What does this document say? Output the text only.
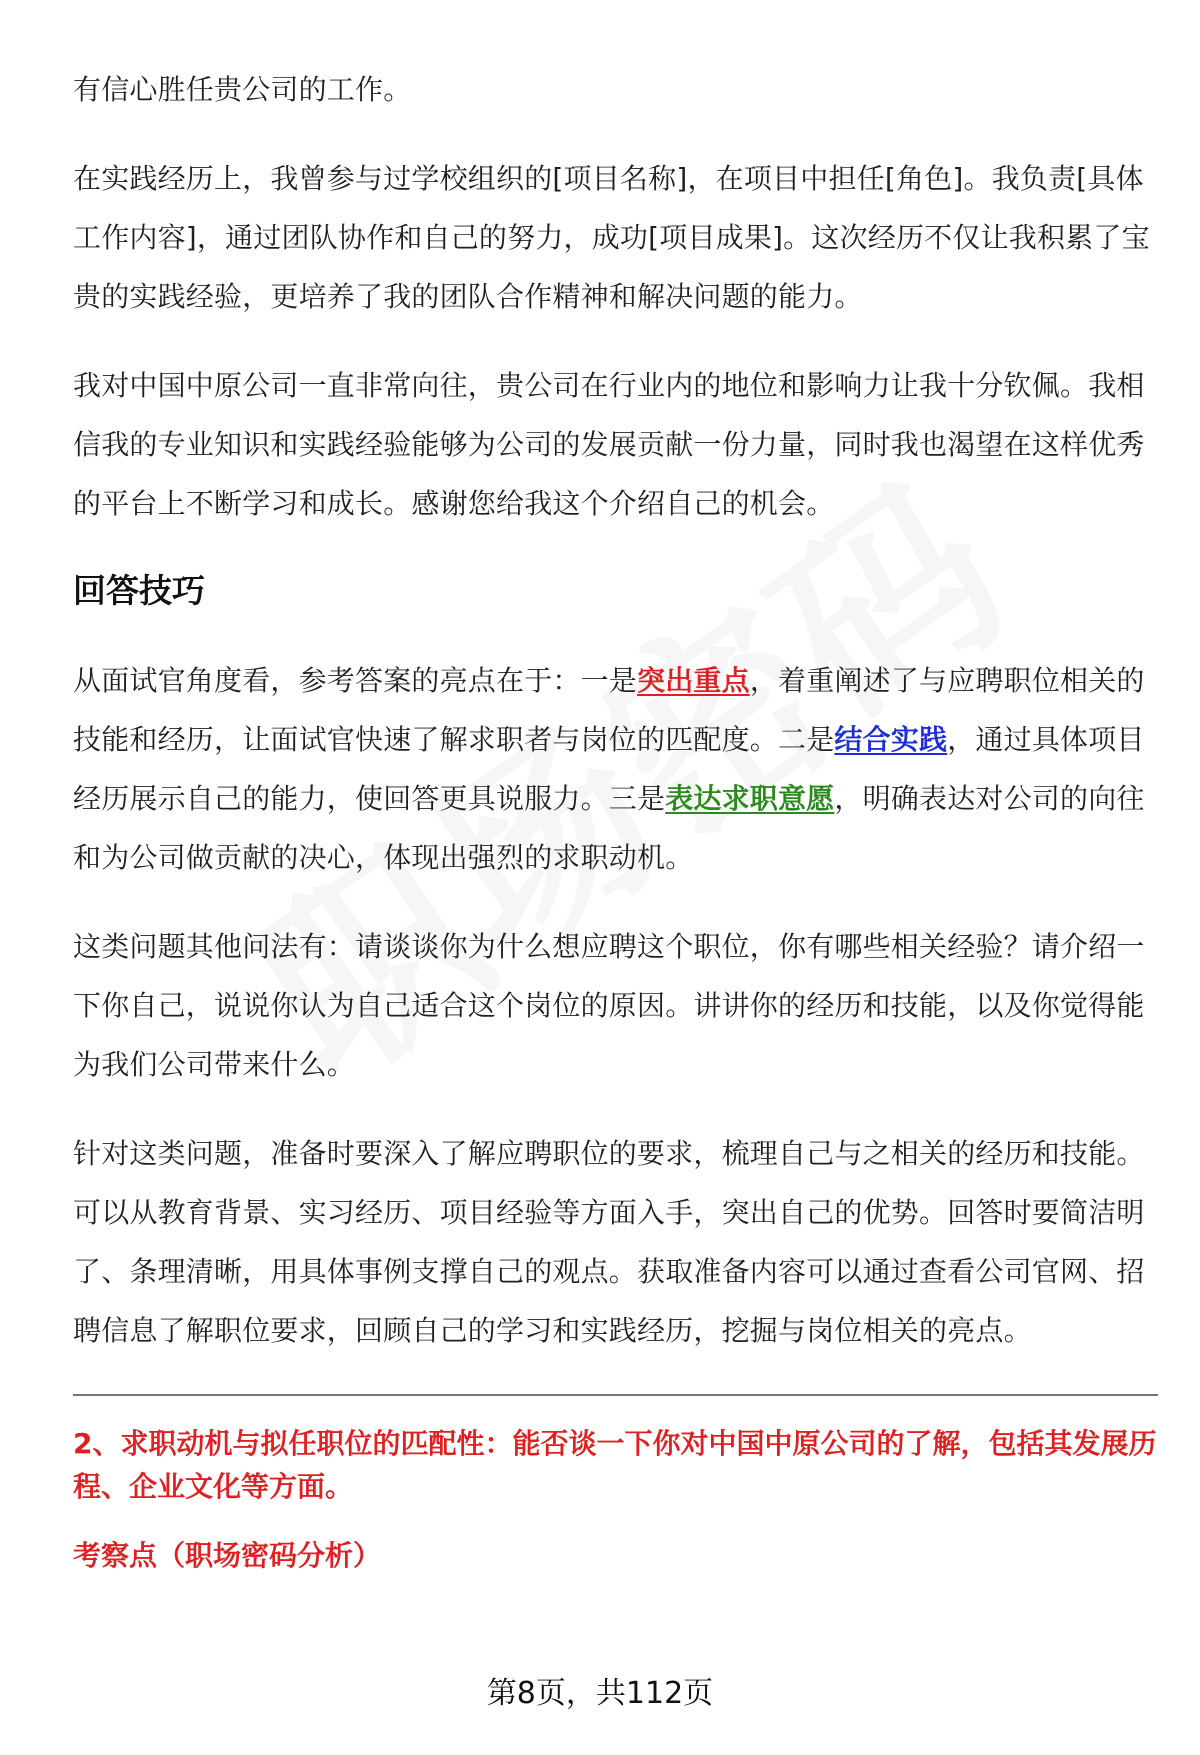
有信心胜任贵公司的工作。

在实践经历上，我曾参与过学校组织的[项目名称]，在项目中担任[角色]。我负责[具体工作内容]，通过团队协作和自己的努力，成功[项目成果]。这次经历不仅让我积累了宝贵的实践经验，更培养了我的团队合作精神和解决问题的能力。

我对中国中原公司一直非常向往，贵公司在行业内的地位和影响力让我十分钦佩。我相信我的专业知识和实践经验能够为公司的发展贡献一份力量，同时我也渴望在这样优秀的平台上不断学习和成长。感谢您给我这个介绍自己的机会。

回答技巧

从面试官角度看，参考答案的亮点在于：一是突出重点，着重阐述了与应聘职位相关的技能和经历，让面试官快速了解求职者与岗位的匹配度。二是结合实践，通过具体项目经历展示自己的能力，使回答更具说服力。三是表达求职意愿，明确表达对公司的向往和为公司做贡献的决心，体现出强烈的求职动机。

这类问题其他问法有：请谈谈你为什么想应聘这个职位，你有哪些相关经验？请介绍一下你自己，说说你认为自己适合这个岗位的原因。讲讲你的经历和技能，以及你觉得能为我们公司带来什么。

针对这类问题，准备时要深入了解应聘职位的要求，梳理自己与之相关的经历和技能。可以从教育背景、实习经历、项目经验等方面入手，突出自己的优势。回答时要简洁明了、条理清晰，用具体事例支撑自己的观点。获取准备内容可以通过查看公司官网、招聘信息了解职位要求，回顾自己的学习和实践经历，挖掘与岗位相关的亮点。

2、求职动机与拟任职位的匹配性：能否谈一下你对中国中原公司的了解，包括其发展历程、企业文化等方面。

考察点（职场密码分析）

第8页，共112页
